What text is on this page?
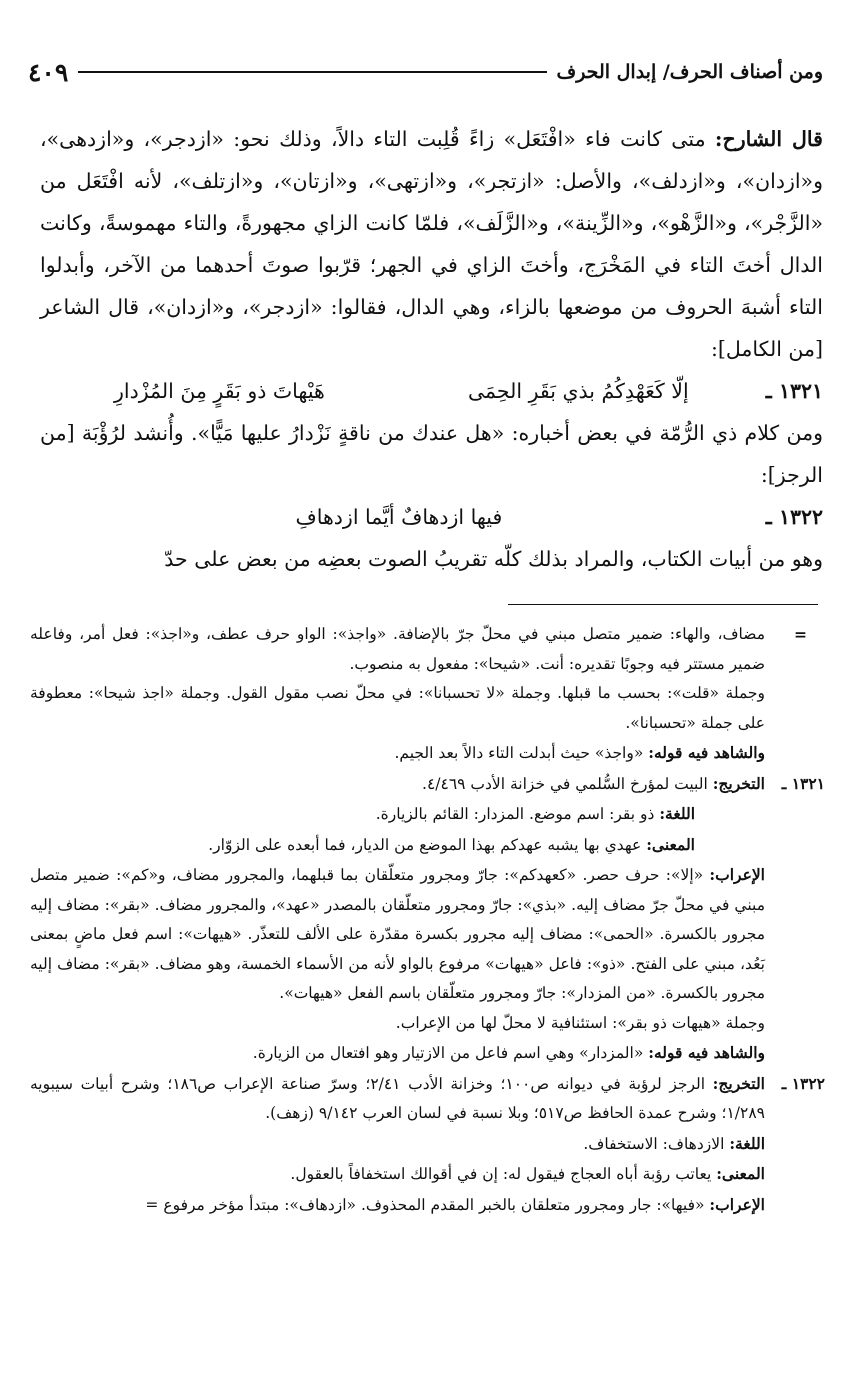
ومن أصناف الحرف/ إبدال الحرف
٤٠٩

قال الشارح: متى كانت فاء «افْتَعَل» زاءً قُلِبت التاء دالاً، وذلك نحو: «ازدجر»، و«ازدهى»، و«ازدان»، و«ازدلف»، والأصل: «ازتجر»، و«ازتهى»، و«ازتان»، و«ازتلف»، لأنه افْتَعَل من «الزَّجْر»، و«الزَّهْو»، و«الزِّينة»، و«الزَّلَف»، فلمّا كانت الزاي مجهورةً، والتاء مهموسةً، وكانت الدال أختَ التاء في المَخْرَج، وأختَ الزاي في الجهر؛ قرّبوا صوتَ أحدهما من الآخر، وأبدلوا التاء أشبهَ الحروف من موضعها بالزاء، وهي الدال، فقالوا: «ازدجر»، و«ازدان»، قال الشاعر [من الكامل]:

١٣٢١ ـ
إلّا كَعَهْدِكُمُ بذي بَقَرِ الحِمَى
هَيْهاتَ ذو بَقَرٍ مِنَ المُزْدارِ

ومن كلام ذي الرُّمّة في بعض أخباره: «هل عندك من ناقةٍ نَزْدارُ عليها مَيًّا». وأُنشد لرُؤْبَة [من الرجز]:

١٣٢٢ ـ
فيها ازدهافٌ أيَّما ازدهافِ

وهو من أبيات الكتاب، والمراد بذلك كلّه تقريبُ الصوت بعضِه من بعض على حدّ

=

مضاف، والهاء: ضمير متصل مبني في محلّ جرّ بالإضافة. «واجذ»: الواو حرف عطف، و«اجذ»: فعل أمر، وفاعله ضمير مستتر فيه وجوبًا تقديره: أنت. «شيحا»: مفعول به منصوب.

وجملة «قلت»: بحسب ما قبلها. وجملة «لا تحسبانا»: في محلّ نصب مقول القول. وجملة «اجذ شيحا»: معطوفة على جملة «تحسبانا».

والشاهد فيه قوله: «واجذ» حيث أبدلت التاء دالاً بعد الجيم.

١٣٢١ ـ

التخريج: البيت لمؤرخ السُّلمي في خزانة الأدب ٤/٤٦٩.

اللغة: ذو بقر: اسم موضع. المزدار: القائم بالزيارة.

المعنى: عهدي بها يشبه عهدكم بهذا الموضع من الديار، فما أبعده على الزوّار.

الإعراب: «إلا»: حرف حصر. «كعهدكم»: جارّ ومجرور متعلّقان بما قبلهما، والمجرور مضاف، و«كم»: ضمير متصل مبني في محلّ جرّ مضاف إليه. «بذي»: جارّ ومجرور متعلّقان بالمصدر «عهد»، والمجرور مضاف. «بقر»: مضاف إليه مجرور بالكسرة. «الحمى»: مضاف إليه مجرور بكسرة مقدّرة على الألف للتعذّر. «هيهات»: اسم فعل ماضٍ بمعنى بَعُد، مبني على الفتح. «ذو»: فاعل «هيهات» مرفوع بالواو لأنه من الأسماء الخمسة، وهو مضاف. «بقر»: مضاف إليه مجرور بالكسرة. «من المزدار»: جارّ ومجرور متعلّقان باسم الفعل «هيهات».

وجملة «هيهات ذو بقر»: استئنافية لا محلّ لها من الإعراب.

والشاهد فيه قوله: «المزدار» وهي اسم فاعل من الازتيار وهو افتعال من الزيارة.

١٣٢٢ ـ

التخريج: الرجز لرؤبة في ديوانه ص١٠٠؛ وخزانة الأدب ٢/٤١؛ وسرّ صناعة الإعراب ص١٨٦؛ وشرح أبيات سيبويه ١/٢٨٩؛ وشرح عمدة الحافظ ص٥١٧؛ وبلا نسبة في لسان العرب ٩/١٤٢ (زهف).

اللغة: الازدهاف: الاستخفاف.

المعنى: يعاتب رؤبة أباه العجاج فيقول له: إن في أقوالك استخفافاً بالعقول.

الإعراب: «فيها»: جار ومجرور متعلقان بالخبر المقدم المحذوف. «ازدهاف»: مبتدأ مؤخر مرفوع =
